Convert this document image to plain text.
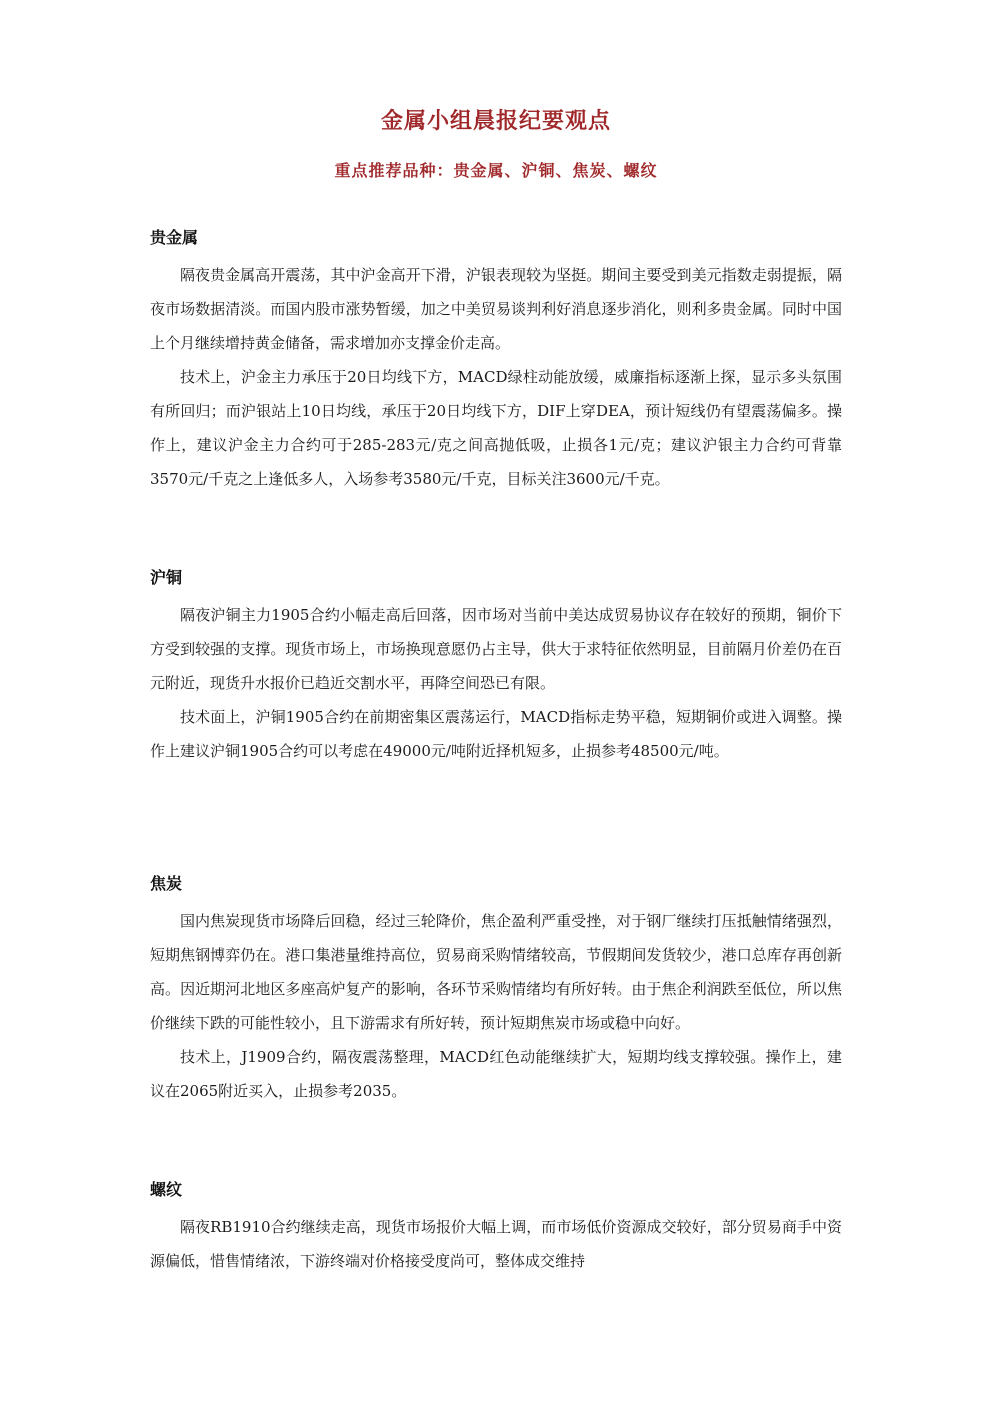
金属小组晨报纪要观点
重点推荐品种：贵金属、沪铜、焦炭、螺纹
贵金属

隔夜贵金属高开震荡，其中沪金高开下滑，沪银表现较为坚挺。期间主要受到美元指数走弱提振，隔夜市场数据清淡。而国内股市涨势暂缓，加之中美贸易谈判利好消息逐步消化，则利多贵金属。同时中国上个月继续增持黄金储备，需求增加亦支撑金价走高。

技术上，沪金主力承压于20日均线下方，MACD绿柱动能放缓，威廉指标逐渐上探，显示多头氛围有所回归；而沪银站上10日均线，承压于20日均线下方，DIF上穿DEA，预计短线仍有望震荡偏多。操作上，建议沪金主力合约可于285-283元/克之间高抛低吸，止损各1元/克；建议沪银主力合约可背靠3570元/千克之上逢低多人，入场参考3580元/千克，目标关注3600元/千克。

沪铜

隔夜沪铜主力1905合约小幅走高后回落，因市场对当前中美达成贸易协议存在较好的预期，铜价下方受到较强的支撑。现货市场上，市场换现意愿仍占主导，供大于求特征依然明显，目前隔月价差仍在百元附近，现货升水报价已趋近交割水平，再降空间恐已有限。

技术面上，沪铜1905合约在前期密集区震荡运行，MACD指标走势平稳，短期铜价或进入调整。操作上建议沪铜1905合约可以考虑在49000元/吨附近择机短多，止损参考48500元/吨。

焦炭

国内焦炭现货市场降后回稳，经过三轮降价，焦企盈利严重受挫，对于钢厂继续打压抵触情绪强烈，短期焦钢博弈仍在。港口集港量维持高位，贸易商采购情绪较高，节假期间发货较少，港口总库存再创新高。因近期河北地区多座高炉复产的影响，各环节采购情绪均有所好转。由于焦企利润跌至低位，所以焦价继续下跌的可能性较小，且下游需求有所好转，预计短期焦炭市场或稳中向好。

技术上，J1909合约，隔夜震荡整理，MACD红色动能继续扩大，短期均线支撑较强。操作上，建议在2065附近买入，止损参考2035。

螺纹

隔夜RB1910合约继续走高，现货市场报价大幅上调，而市场低价资源成交较好，部分贸易商手中资源偏低，惜售情绪浓，下游终端对价格接受度尚可，整体成交维持
